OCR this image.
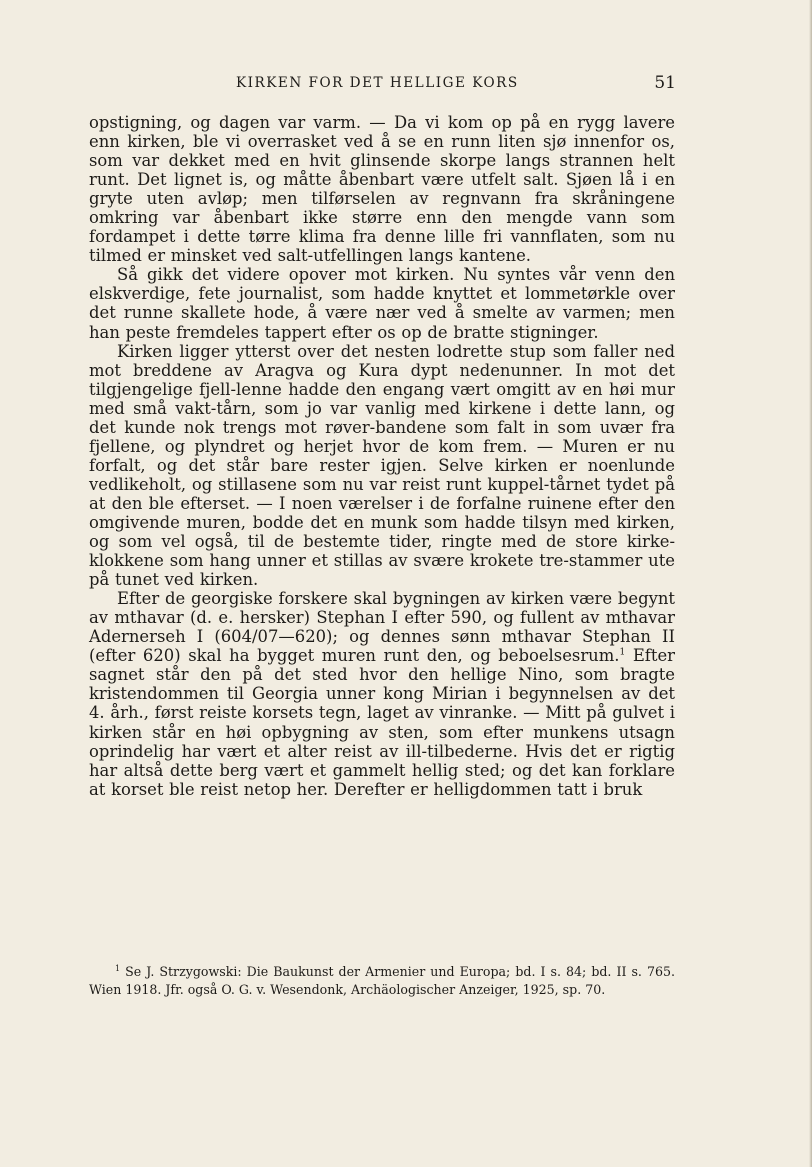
KIRKEN FOR DET HELLIGE KORS	51

opstigning, og dagen var varm. — Da vi kom op på en rygg lavere enn kirken, ble vi overrasket ved å se en runn liten sjø innenfor os, som var dekket med en hvit glinsende skorpe langs strannen helt runt. Det lignet is, og måtte åbenbart være utfelt salt. Sjøen lå i en gryte uten avløp; men tilførselen av regnvann fra skråningene omkring var åbenbart ikke større enn den mengde vann som fordampet i dette tørre klima fra denne lille fri vannflaten, som nu tilmed er minsket ved salt-utfellingen langs kantene.

Så gikk det videre opover mot kirken. Nu syntes vår venn den elskverdige, fete journalist, som hadde knyttet et lommetørkle over det runne skallete hode, å være nær ved å smelte av varmen; men han peste fremdeles tappert efter os op de bratte stigninger.

Kirken ligger ytterst over det nesten lodrette stup som faller ned mot breddene av Aragva og Kura dypt nedenunner. In mot det tilgjengelige fjell-lenne hadde den engang vært omgitt av en høi mur med små vakt-tårn, som jo var vanlig med kirkene i dette lann, og det kunde nok trengs mot røver-bandene som falt in som uvær fra fjellene, og plyndret og herjet hvor de kom frem. — Muren er nu forfalt, og det står bare rester igjen. Selve kirken er noenlunde vedlikeholt, og stillasene som nu var reist runt kuppel-tårnet tydet på at den ble efterset. — I noen værelser i de forfalne ruinene efter den omgivende muren, bodde det en munk som hadde tilsyn med kirken, og som vel også, til de bestemte tider, ringte med de store kirke-klokkene som hang unner et stillas av svære krokete tre-stammer ute på tunet ved kirken.

Efter de georgiske forskere skal bygningen av kirken være begynt av mthavar (d. e. hersker) Stephan I efter 590, og fullent av mthavar Adernerseh I (604/07—620); og dennes sønn mthavar Stephan II (efter 620) skal ha bygget muren runt den, og beboelsesrum.$^1$ Efter sagnet står den på det sted hvor den hellige Nino, som bragte kristendommen til Georgia unner kong Mirian i begynnelsen av det 4. årh., først reiste korsets tegn, laget av vinranke. — Mitt på gulvet i kirken står en høi opbygning av sten, som efter munkens utsagn oprindelig har vært et alter reist av ill-tilbederne. Hvis det er rigtig har altså dette berg vært et gammelt hellig sted; og det kan forklare at korset ble reist netop her. Derefter er helligdommen tatt i bruk

$^1$ Se J. Strzygowski: Die Baukunst der Armenier und Europa; bd. I s. 84; bd. II s. 765. Wien 1918. Jfr. også O. G. v. Wesendonk, Archäologischer Anzeiger, 1925, sp. 70.
